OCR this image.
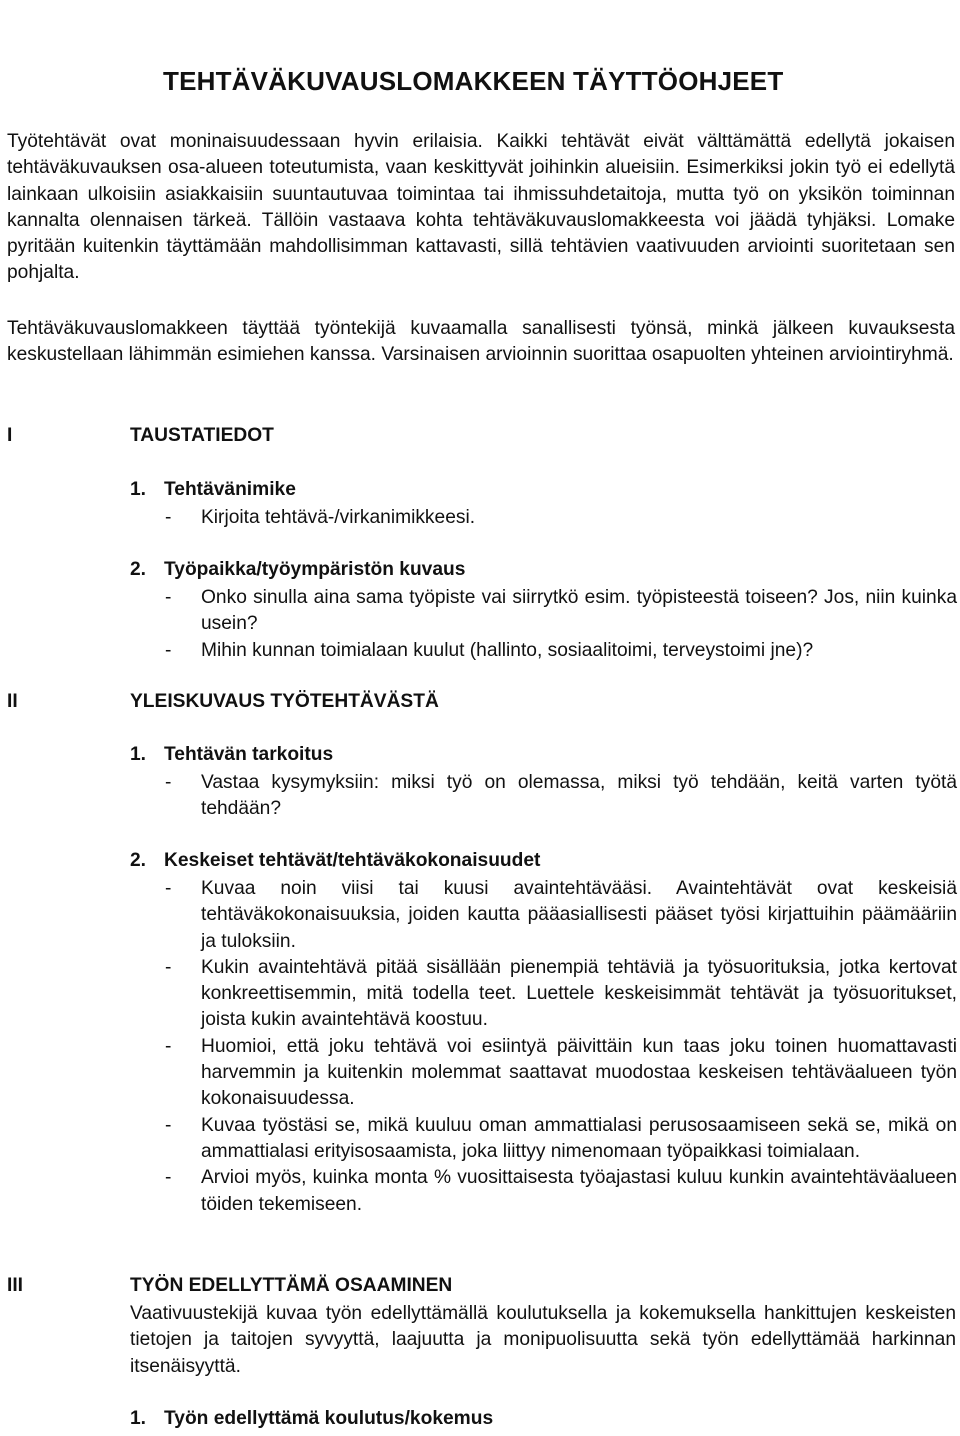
TEHTÄVÄKUVAUSLOMAKKEEN TÄYTTÖOHJEET

Työtehtävät ovat moninaisuudessaan hyvin erilaisia. Kaikki tehtävät eivät välttämättä edellytä jokaisen tehtäväkuvauksen osa-alueen toteutumista, vaan keskittyvät joihinkin alueisiin. Esimerkiksi jokin työ ei edellytä lainkaan ulkoisiin asiakkaisiin suuntautuvaa toimintaa tai ihmissuhdetaitoja, mutta työ on yksikön toiminnan kannalta olennaisen tärkeä. Tällöin vastaava kohta tehtäväkuvauslomakkeesta voi jäädä tyhjäksi. Lomake pyritään kuitenkin täyttämään mahdollisimman kattavasti, sillä tehtävien vaativuuden arviointi suoritetaan sen pohjalta.

Tehtäväkuvauslomakkeen täyttää työntekijä kuvaamalla sanallisesti työnsä, minkä jälkeen kuvauksesta keskustellaan lähimmän esimiehen kanssa. Varsinaisen arvioinnin suorittaa osapuolten yhteinen arviointiryhmä.

I	TAUSTATIEDOT
1. Tehtävänimike
- Kirjoita tehtävä-/virkanimikkeesi.
2. Työpaikka/työympäristön kuvaus
- Onko sinulla aina sama työpiste vai siirrytkö esim. työpisteestä toiseen? Jos, niin kuinka usein?
- Mihin kunnan toimialaan kuulut (hallinto, sosiaalitoimi, terveystoimi jne)?
II	YLEISKUVAUS TYÖTEHTÄVÄSTÄ
1. Tehtävän tarkoitus
- Vastaa kysymyksiin: miksi työ on olemassa, miksi työ tehdään, keitä varten työtä tehdään?
2. Keskeiset tehtävät/tehtäväkokonaisuudet
- Kuvaa noin viisi tai kuusi avaintehtävääsi. Avaintehtävät ovat keskeisiä tehtäväkokonaisuuksia, joiden kautta pääasiallisesti pääset työsi kirjattuihin päämääriin ja tuloksiin.
- Kukin avaintehtävä pitää sisällään pienempiä tehtäviä ja työsuorituksia, jotka kertovat konkreettisemmin, mitä todella teet. Luettele keskeisimmät tehtävät ja työsuoritukset, joista kukin avaintehtävä koostuu.
- Huomioi, että joku tehtävä voi esiintyä päivittäin kun taas joku toinen huomattavasti harvemmin ja kuitenkin molemmat saattavat muodostaa keskeisen tehtäväalueen työn kokonaisuudessa.
- Kuvaa työstäsi se, mikä kuuluu oman ammattialasi perusosaamiseen sekä se, mikä on ammattialasi erityisosaamista, joka liittyy nimenomaan työpaikkasi toimialaan.
- Arvioi myös, kuinka monta % vuosittaisesta työajastasi kuluu kunkin avaintehtäväalueen töiden tekemiseen.
III	TYÖN EDELLYTTÄMÄ OSAAMINEN

Vaativuustekijä kuvaa työn edellyttämällä koulutuksella ja kokemuksella hankittujen keskeisten tietojen ja taitojen syvyyttä, laajuutta ja monipuolisuutta sekä työn edellyttämää harkinnan itsenäisyyttä.

1. Työn edellyttämä koulutus/kokemus
